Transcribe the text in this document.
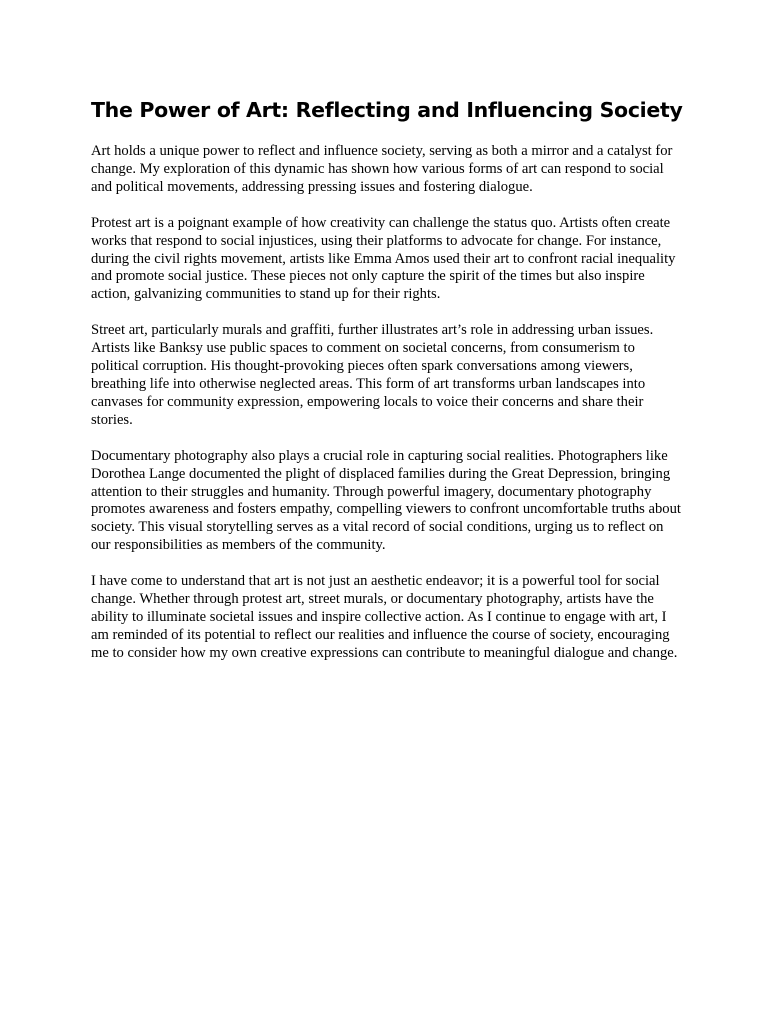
The Power of Art: Reflecting and Influencing Society

Art holds a unique power to reflect and influence society, serving as both a mirror and a catalyst for change. My exploration of this dynamic has shown how various forms of art can respond to social and political movements, addressing pressing issues and fostering dialogue.

Protest art is a poignant example of how creativity can challenge the status quo. Artists often create works that respond to social injustices, using their platforms to advocate for change. For instance, during the civil rights movement, artists like Emma Amos used their art to confront racial inequality and promote social justice. These pieces not only capture the spirit of the times but also inspire action, galvanizing communities to stand up for their rights.

Street art, particularly murals and graffiti, further illustrates art’s role in addressing urban issues. Artists like Banksy use public spaces to comment on societal concerns, from consumerism to political corruption. His thought-provoking pieces often spark conversations among viewers, breathing life into otherwise neglected areas. This form of art transforms urban landscapes into canvases for community expression, empowering locals to voice their concerns and share their stories.

Documentary photography also plays a crucial role in capturing social realities. Photographers like Dorothea Lange documented the plight of displaced families during the Great Depression, bringing attention to their struggles and humanity. Through powerful imagery, documentary photography promotes awareness and fosters empathy, compelling viewers to confront uncomfortable truths about society. This visual storytelling serves as a vital record of social conditions, urging us to reflect on our responsibilities as members of the community.

I have come to understand that art is not just an aesthetic endeavor; it is a powerful tool for social change. Whether through protest art, street murals, or documentary photography, artists have the ability to illuminate societal issues and inspire collective action. As I continue to engage with art, I am reminded of its potential to reflect our realities and influence the course of society, encouraging me to consider how my own creative expressions can contribute to meaningful dialogue and change.
